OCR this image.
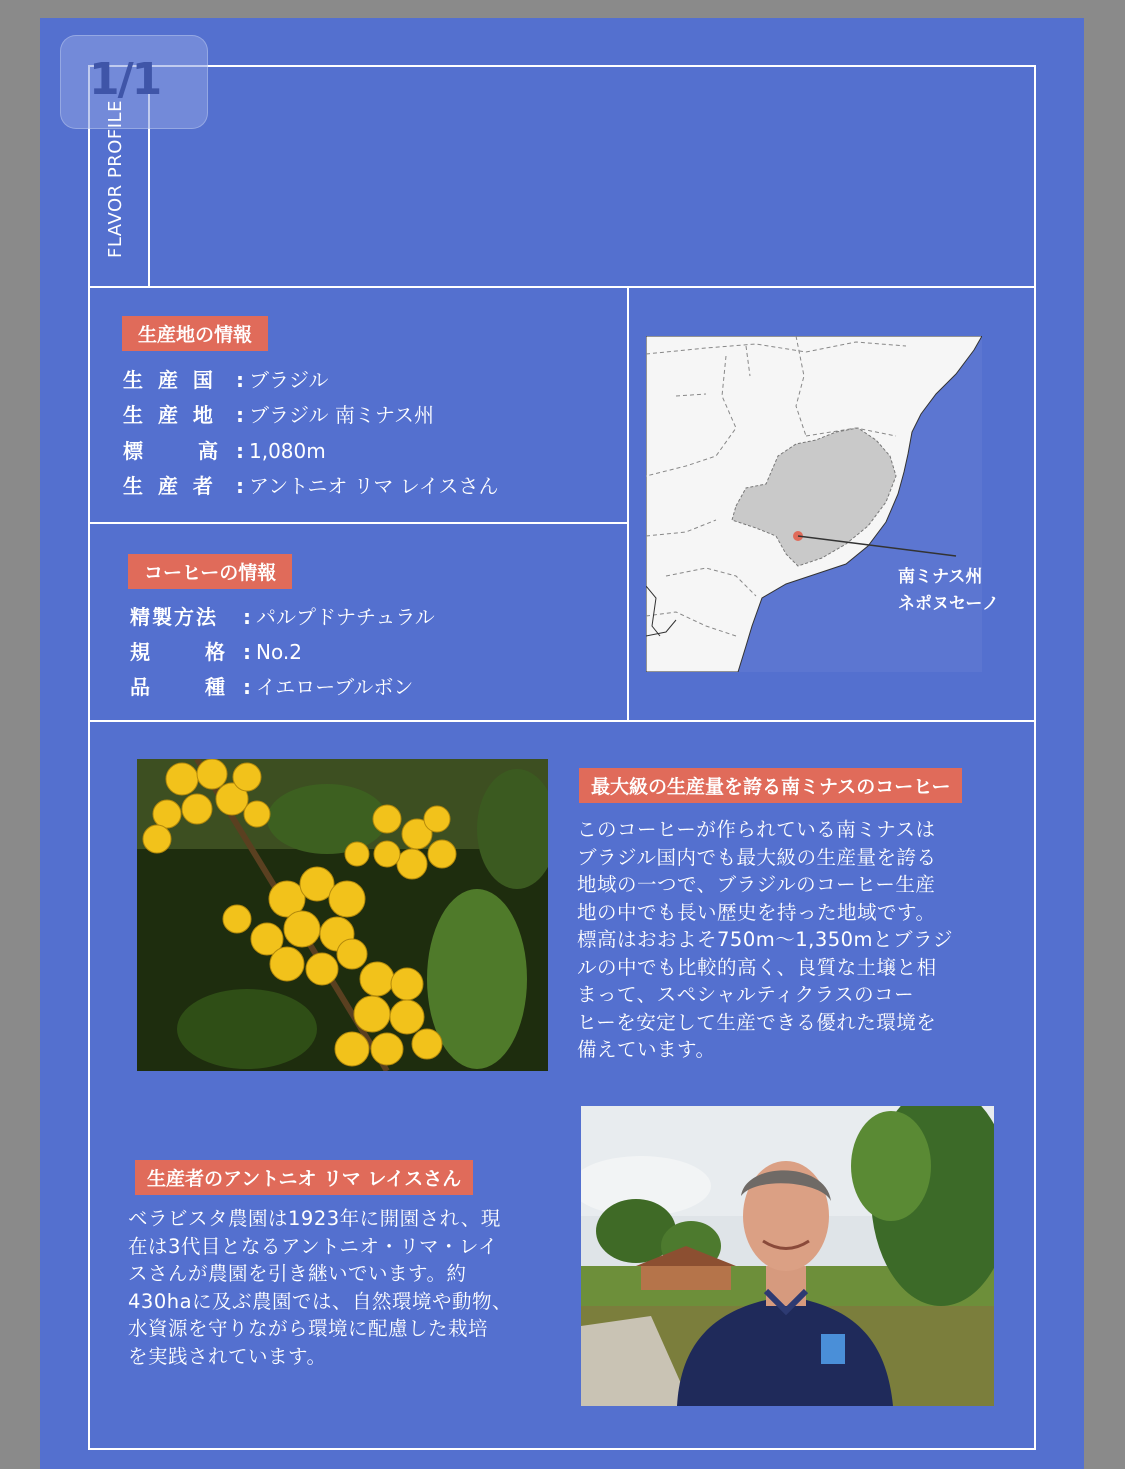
1/1
FLAVOR PROFILE
生産地の情報
生 産 国 : ブラジル
生 産 地 : ブラジル 南ミナス州
標 高 : 1,080m
生 産 者 : アントニオ リマ レイスさん
コーヒーの情報
精製方法 : パルプドナチュラル
規 格 : No.2
品 種 : イエローブルボン
南ミナス州
ネポヌセーノ
最大級の生産量を誇る南ミナスのコーヒー
このコーヒーが作られている南ミナスは
ブラジル国内でも最大級の生産量を誇る
地域の一つで、ブラジルのコーヒー生産
地の中でも長い歴史を持った地域です。
標高はおおよそ750m〜1,350mとブラジ
ルの中でも比較的高く、良質な土壌と相
まって、スペシャルティクラスのコー
ヒーを安定して生産できる優れた環境を
備えています。
生産者のアントニオ リマ レイスさん
ベラビスタ農園は1923年に開園され、現
在は3代目となるアントニオ・リマ・レイ
スさんが農園を引き継いでいます。約
430haに及ぶ農園では、自然環境や動物、
水資源を守りながら環境に配慮した栽培
を実践されています。
